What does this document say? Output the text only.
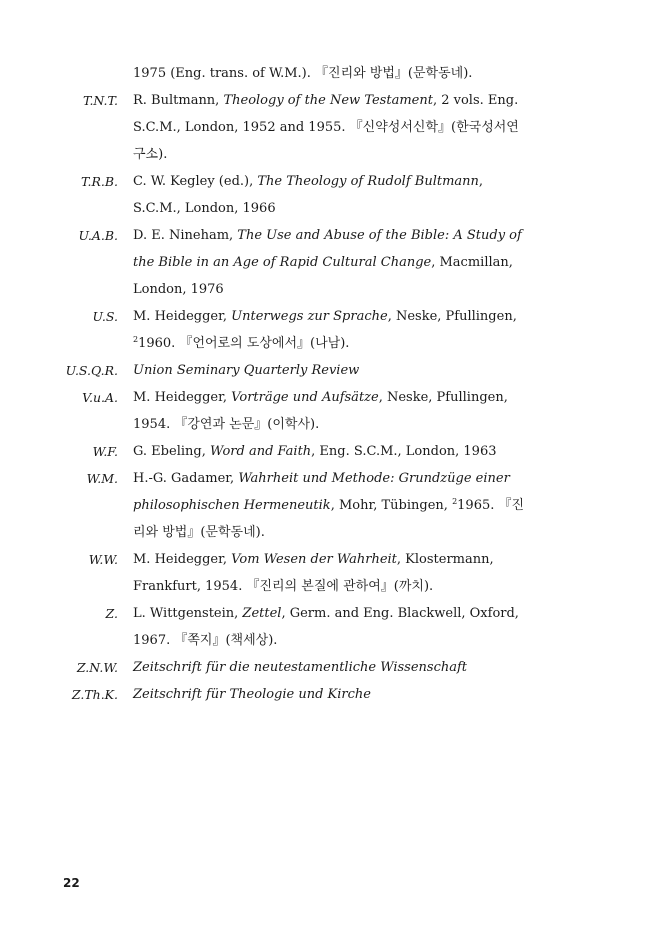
1975 (Eng. trans. of W.M.). 『진리와 방법』(문학동네).
T.N.T. R. Bultmann, Theology of the New Testament, 2 vols. Eng. S.C.M., London, 1952 and 1955. 『신약성서신학』(한국성서연구소).
T.R.B. C. W. Kegley (ed.), The Theology of Rudolf Bultmann, S.C.M., London, 1966
U.A.B. D. E. Nineham, The Use and Abuse of the Bible: A Study of the Bible in an Age of Rapid Cultural Change, Macmillan, London, 1976
U.S. M. Heidegger, Unterwegs zur Sprache, Neske, Pfullingen, $^2$1960. 『언어로의 도상에서』(나남).
U.S.Q.R. Union Seminary Quarterly Review
V.u.A. M. Heidegger, Vorträge und Aufsätze, Neske, Pfullingen, 1954. 『강연과 논문』(이학사).
W.F. G. Ebeling, Word and Faith, Eng. S.C.M., London, 1963
W.M. H.-G. Gadamer, Wahrheit und Methode: Grundzüge einer philosophischen Hermeneutik, Mohr, Tübingen, $^2$1965. 『진리와 방법』(문학동네).
W.W. M. Heidegger, Vom Wesen der Wahrheit, Klostermann, Frankfurt, 1954. 『진리의 본질에 관하여』(까치).
Z. L. Wittgenstein, Zettel, Germ. and Eng. Blackwell, Oxford, 1967. 『쪽지』(책세상).
Z.N.W. Zeitschrift für die neutestamentliche Wissenschaft
Z.Th.K. Zeitschrift für Theologie und Kirche
22
